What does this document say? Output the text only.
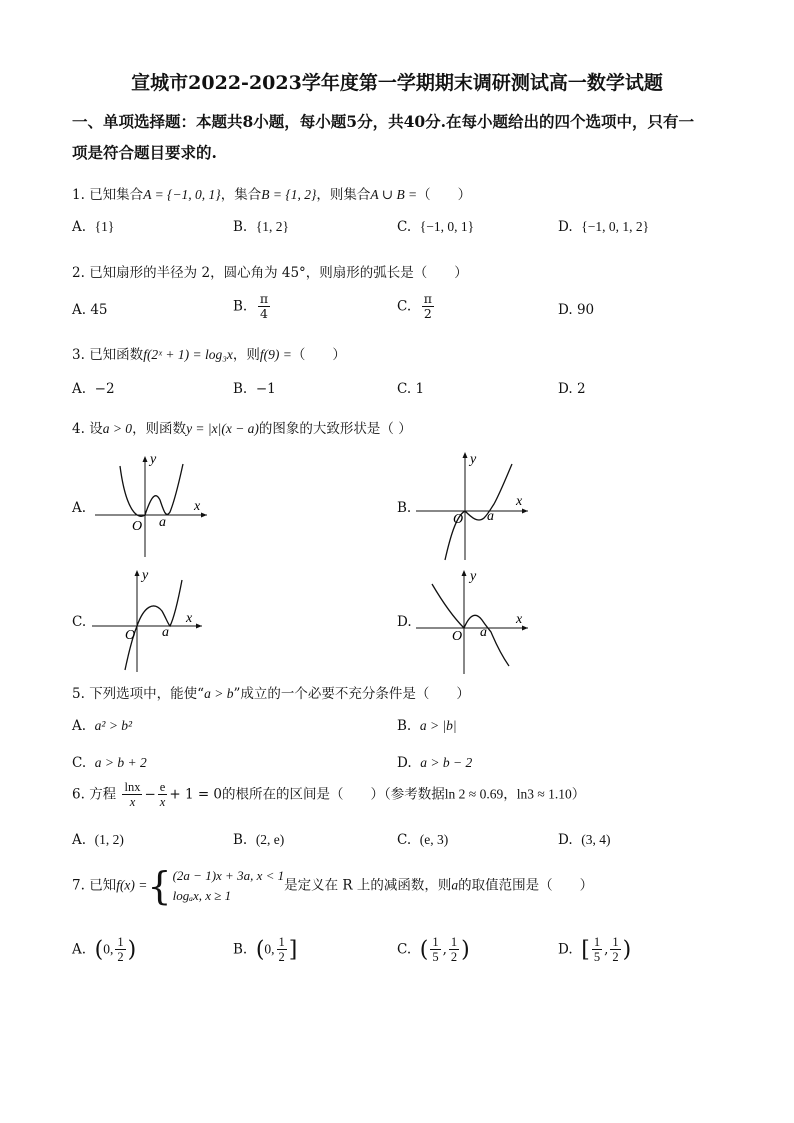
宣城市2022-2023学年度第一学期期末调研测试高一数学试题
一、单项选择题：本题共8小题，每小题5分，共40分.在每小题给出的四个选项中，只有一
项是符合题目要求的.
1. 已知集合A = {−1, 0, 1}，集合B = {1, 2}，则集合A ∪ B =（　　）
A. {1}	B. {1, 2}	C. {−1, 0, 1}	D. {−1, 0, 1, 2}
2. 已知扇形的半径为 2，圆心角为 45°，则扇形的弧长是（　　）
A. 45	B. $\frac{\pi}{4}$	C. $\frac{\pi}{2}$	D. 90
3. 已知函数f(2ˣ + 1) = log₃x，则f(9) =（　　）
A. −2	B. −1	C. 1	D. 2
4. 设a > 0，则函数y = |x|(x − a)的图象的大致形状是（ ）
A.
y
x
O a
B.
y
x
O a
C.
y
x
O a
D.
y
x
O a
5. 下列选项中，能使“a > b”成立的一个必要不充分条件是（　　）
A. a² > b²	B. a > |b|
C. a > b + 2	D. a > b − 2
6. 方程 $\frac{\ln x}{x} - \frac{e}{x} + 1 = 0$的根所在的区间是（　　）（参考数据ln 2 ≈ 0.69，ln3 ≈ 1.10）
A. (1, 2)	B. (2, e)	C. (e, 3)	D. (3, 4)
7. 已知f(x) ={ (2a − 1)x + 3a, x < 1
logₐx, x ≥ 1
是定义在 R 上的减函数，则a的取值范围是（　　）
A. (0, $\frac{1}{2}$ )	B. (0, $\frac{1}{2}$ ]	C. ( $\frac{1}{5}$ , $\frac{1}{2}$ )	D. [ $\frac{1}{5}$ , $\frac{1}{2}$ )
